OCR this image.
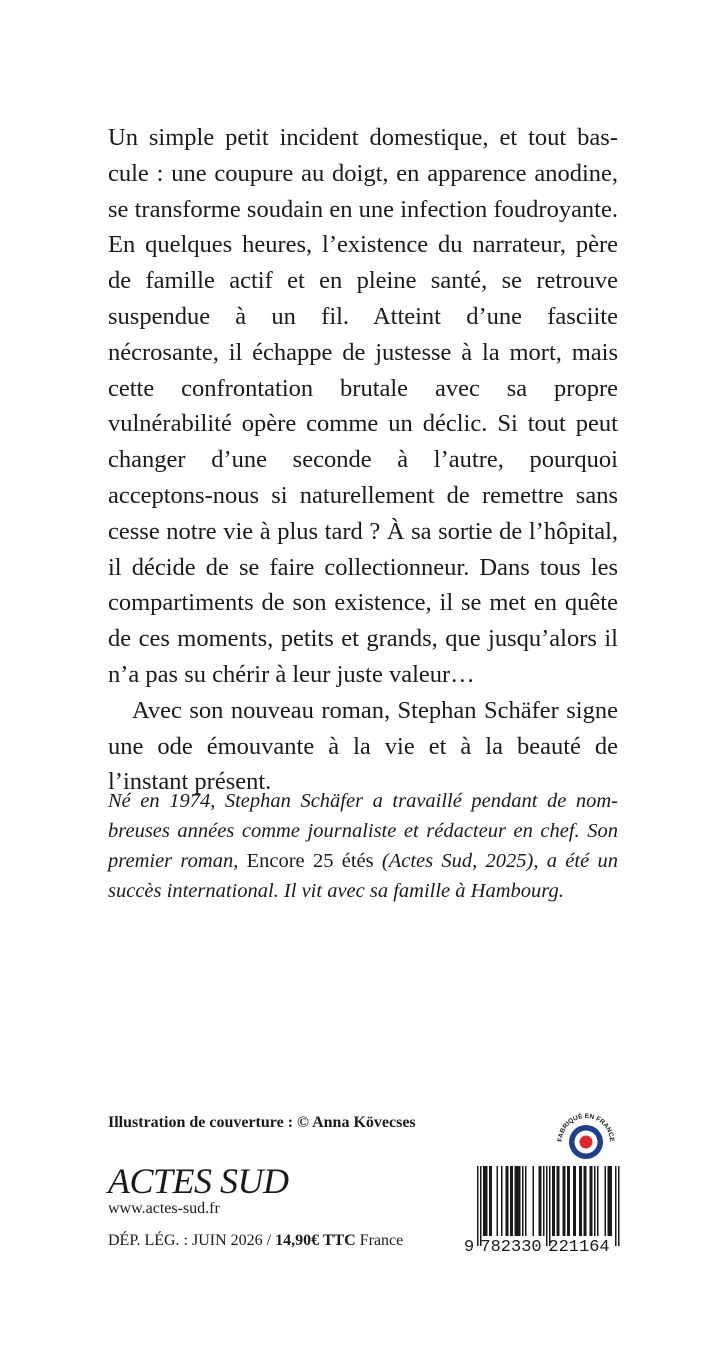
Un simple petit incident domestique, et tout bascule : une coupure au doigt, en apparence anodine, se transforme soudain en une infection foudroyante. En quelques heures, l’existence du narrateur, père de famille actif et en pleine santé, se retrouve suspendue à un fil. Atteint d’une fasciite nécrosante, il échappe de justesse à la mort, mais cette confrontation brutale avec sa propre vulnérabilité opère comme un déclic. Si tout peut changer d’une seconde à l’autre, pourquoi acceptons-nous si naturellement de remettre sans cesse notre vie à plus tard ? À sa sortie de l’hôpital, il décide de se faire collectionneur. Dans tous les compartiments de son existence, il se met en quête de ces moments, petits et grands, que jusqu’alors il n’a pas su chérir à leur juste valeur…

Avec son nouveau roman, Stephan Schäfer signe une ode émouvante à la vie et à la beauté de l’instant présent.

Né en 1974, Stephan Schäfer a travaillé pendant de nombreuses années comme journaliste et rédacteur en chef. Son premier roman, Encore 25 étés (Actes Sud, 2025), a été un succès international. Il vit avec sa famille à Hambourg.

Illustration de couverture : © Anna Kövecses

ACTES SUD

www.actes-sud.fr

DÉP. LÉG. : JUIN 2026 / 14,90€ TTC France

FABRIQUÉ EN FRANCE
9 782330 221164
